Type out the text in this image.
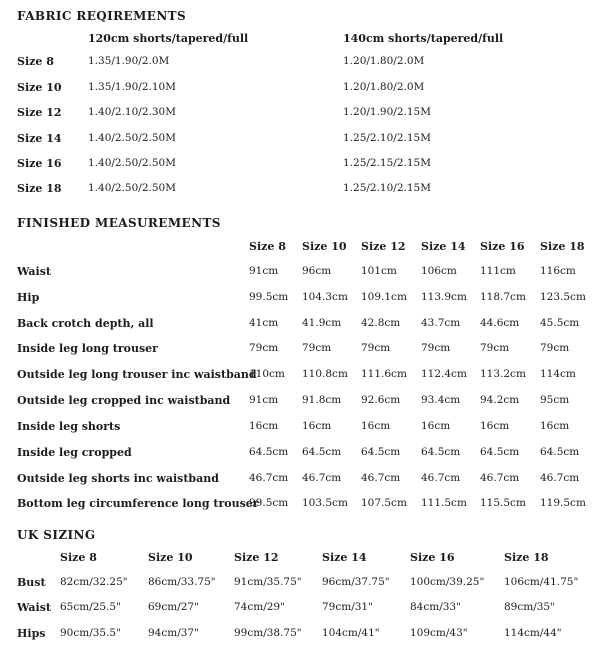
FABRIC REQIREMENTS
120cm shorts/tapered/full	140cm shorts/tapered/full
Size 8	1.35/1.90/2.0M	1.20/1.80/2.0M
Size 10	1.35/1.90/2.10M	1.20/1.80/2.0M
Size 12	1.40/2.10/2.30M	1.20/1.90/2.15M
Size 14	1.40/2.50/2.50M	1.25/2.10/2.15M
Size 16	1.40/2.50/2.50M	1.25/2.15/2.15M
Size 18	1.40/2.50/2.50M	1.25/2.10/2.15M
FINISHED MEASUREMENTS
Size 8 Size 10 Size 12 Size 14 Size 16 Size 18
Waist	91cm 96cm	101cm 106cm 111cm 116cm
Hip	99.5cm 104.3cm 109.1cm 113.9cm 118.7cm 123.5cm
Back crotch depth, all	41cm 41.9cm 42.8cm 43.7cm 44.6cm 45.5cm
Inside leg long trouser	79cm 79cm	79cm	79cm	79cm	79cm
Outside leg long trouser inc waistband
110cm 110.8cm 111.6cm 112.4cm 113.2cm 114cm
Outside leg cropped inc waistband 91cm 91.8cm 92.6cm 93.4cm 94.2cm 95cm
Inside leg shorts	16cm 16cm	16cm	16cm	16cm	16cm
Inside leg cropped	64.5cm 64.5cm 64.5cm 64.5cm 64.5cm 64.5cm
Outside leg shorts inc waistband	46.7cm 46.7cm 46.7cm 46.7cm 46.7cm 46.7cm
Bottom leg circumference long trouser
99.5cm 103.5cm 107.5cm 111.5cm 115.5cm 119.5cm
UK SIZING
Size 8	Size 10	Size 12	Size 14	Size 16	Size 18
Bust 82cm/32.25" 86cm/33.75" 91cm/35.75" 96cm/37.75" 100cm/39.25" 106cm/41.75"
Waist 65cm/25.5"	69cm/27"	74cm/29"	79cm/31"	84cm/33"	89cm/35"
Hips 90cm/35.5"	94cm/37"	99cm/38.75" 104cm/41"	109cm/43"	114cm/44"
